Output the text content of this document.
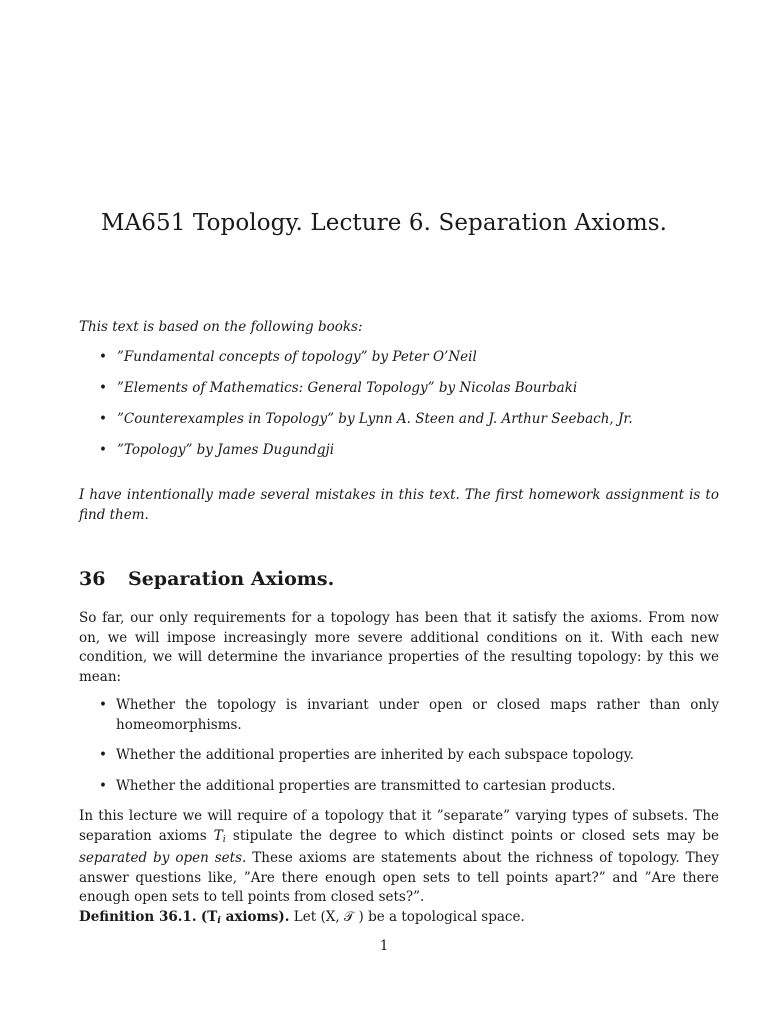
MA651 Topology. Lecture 6. Separation Axioms.

This text is based on the following books:

• ”Fundamental concepts of topology” by Peter O’Neil
• ”Elements of Mathematics: General Topology” by Nicolas Bourbaki
• ”Counterexamples in Topology” by Lynn A. Steen and J. Arthur Seebach, Jr.
• ”Topology” by James Dugundgji

I have intentionally made several mistakes in this text. The first homework assignment is to find them.

36 Separation Axioms.

So far, our only requirements for a topology has been that it satisfy the axioms. From now on, we will impose increasingly more severe additional conditions on it. With each new condition, we will determine the invariance properties of the resulting topology: by this we mean:

• Whether the topology is invariant under open or closed maps rather than only homeomorphisms.
• Whether the additional properties are inherited by each subspace topology.
• Whether the additional properties are transmitted to cartesian products.

In this lecture we will require of a topology that it ”separate” varying types of subsets. The separation axioms $T_i$ stipulate the degree to which distinct points or closed sets may be separated by open sets. These axioms are statements about the richness of topology. They answer questions like, ”Are there enough open sets to tell points apart?” and ”Are there enough open sets to tell points from closed sets?”.

Definition 36.1. ($T_i$ axioms). Let (X, 𝒯 ) be a topological space.

1
